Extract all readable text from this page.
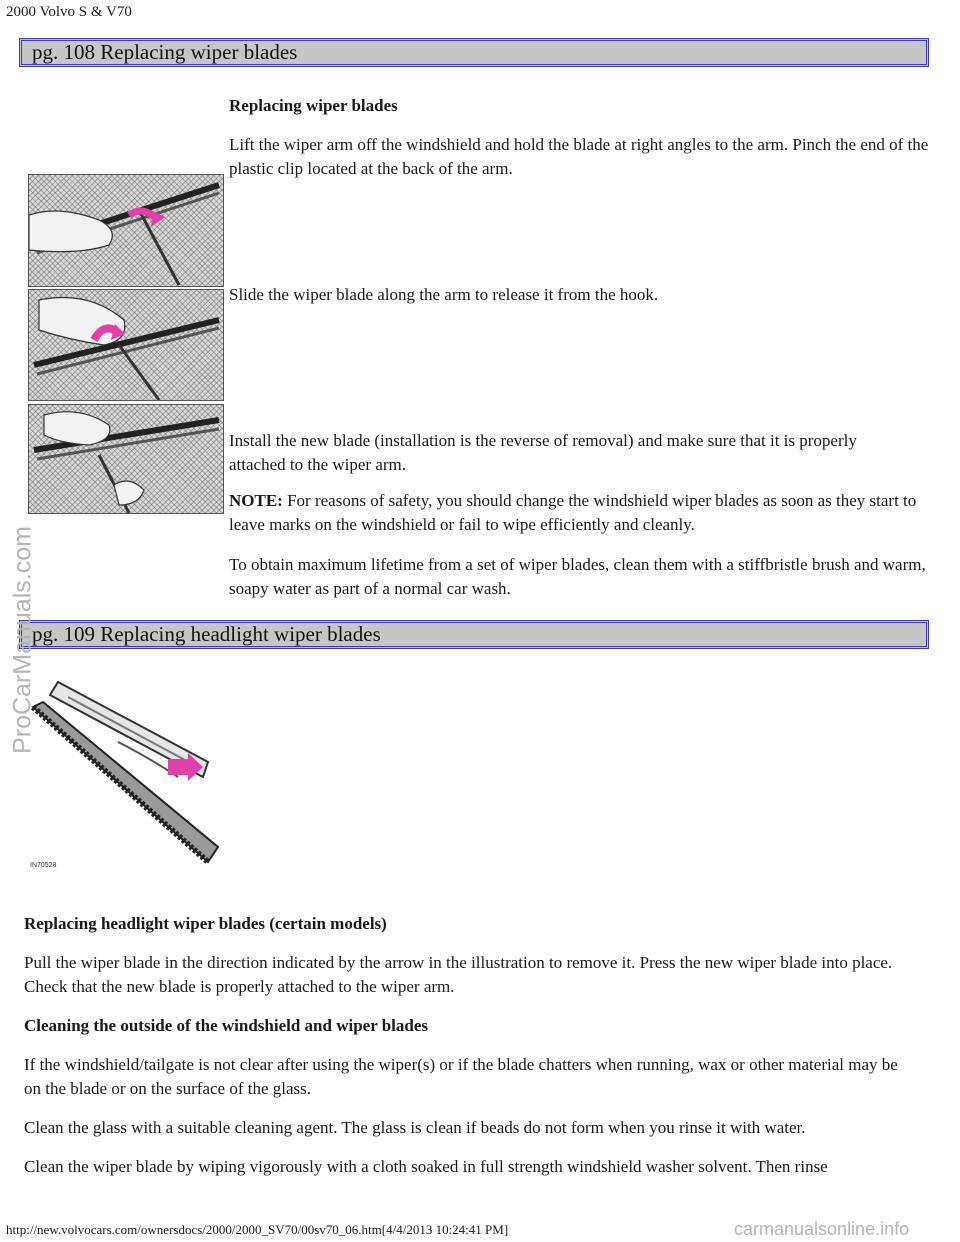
2000 Volvo S & V70
pg. 108 Replacing wiper blades
Replacing wiper blades
Lift the wiper arm off the windshield and hold the blade at right angles to the arm. Pinch the end of the plastic clip located at the back of the arm.
Slide the wiper blade along the arm to release it from the hook.
Install the new blade (installation is the reverse of removal) and make sure that it is properly attached to the wiper arm.
NOTE: For reasons of safety, you should change the windshield wiper blades as soon as they start to leave marks on the windshield or fail to wipe efficiently and cleanly.
To obtain maximum lifetime from a set of wiper blades, clean them with a stiffbristle brush and warm, soapy water as part of a normal car wash.
pg. 109 Replacing headlight wiper blades
IN70528
Replacing headlight wiper blades (certain models)
Pull the wiper blade in the direction indicated by the arrow in the illustration to remove it. Press the new wiper blade into place. Check that the new blade is properly attached to the wiper arm.
Cleaning the outside of the windshield and wiper blades
If the windshield/tailgate is not clear after using the wiper(s) or if the blade chatters when running, wax or other material may be on the blade or on the surface of the glass.
Clean the glass with a suitable cleaning agent. The glass is clean if beads do not form when you rinse it with water.
Clean the wiper blade by wiping vigorously with a cloth soaked in full strength windshield washer solvent. Then rinse
ProCarManuals.com
http://new.volvocars.com/ownersdocs/2000/2000_SV70/00sv70_06.htm[4/4/2013 10:24:41 PM]	carmanualsonline.info
